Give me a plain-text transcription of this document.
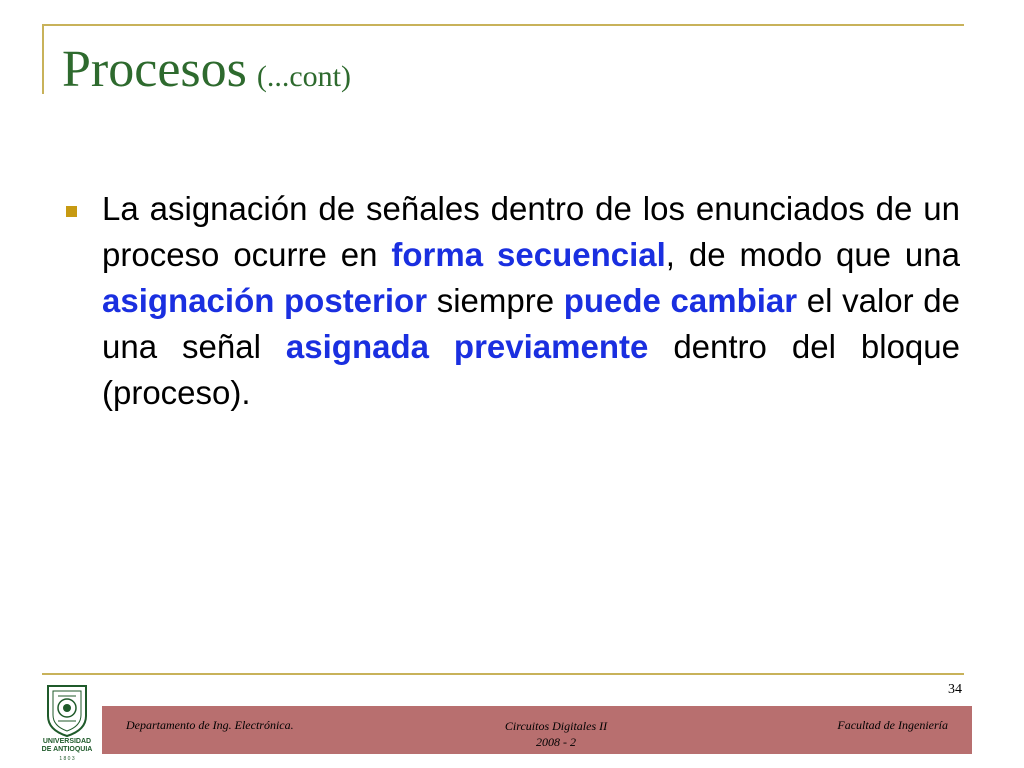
Procesos (...cont)
La asignación de señales dentro de los enunciados de un proceso ocurre en forma secuencial, de modo que una asignación posterior siempre puede cambiar el valor de una señal asignada previamente dentro del bloque (proceso).
34
UNIVERSIDAD
DE ANTIOQUIA
1 8 0 3
Departamento de Ing. Electrónica.	Circuitos Digitales II
2008 - 2
Facultad de Ingeniería
